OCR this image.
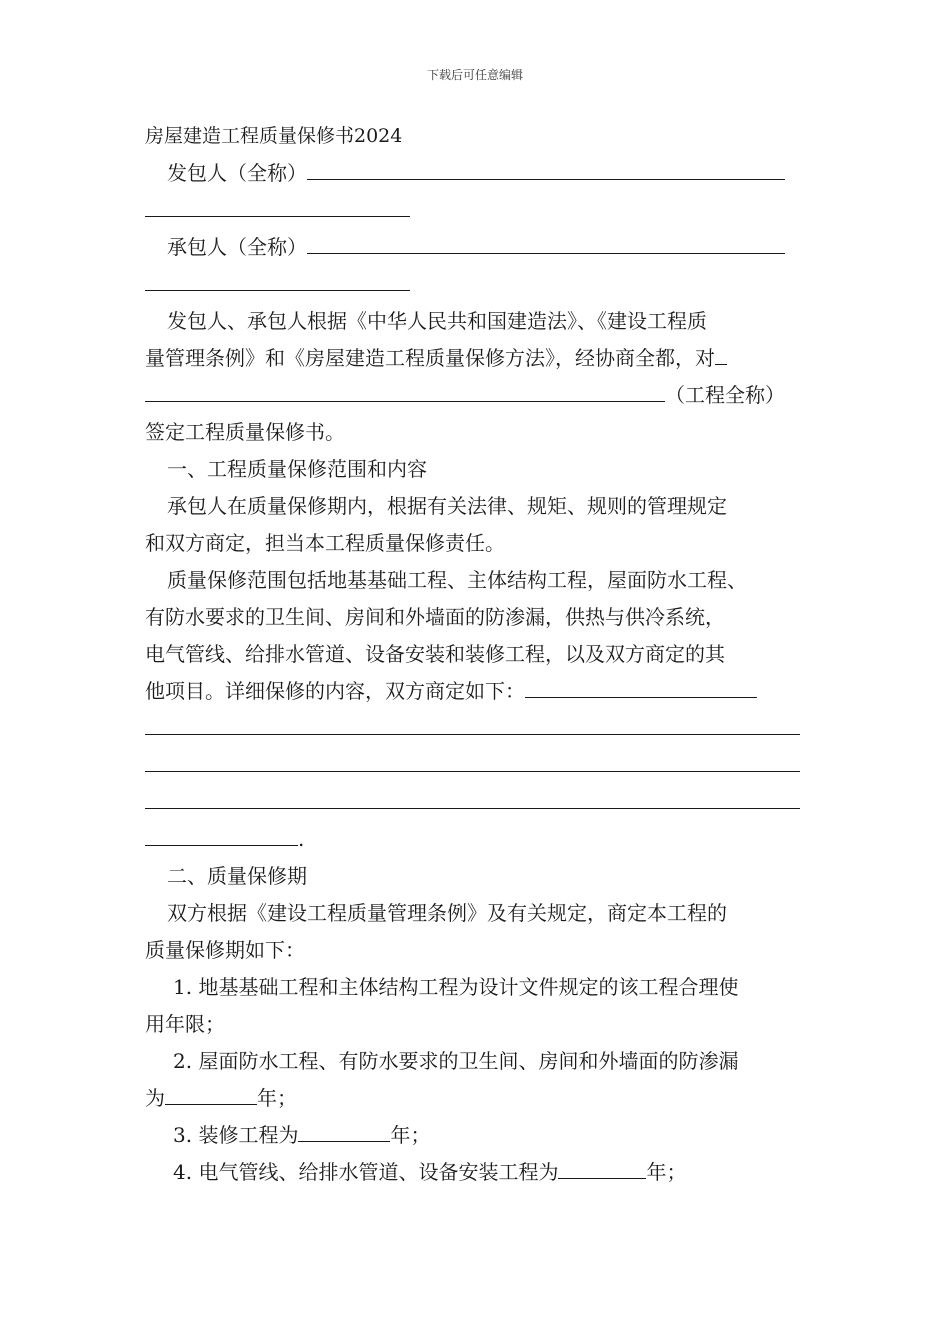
下载后可任意编辑
房屋建造工程质量保修书2024
发包人（全称）
承包人（全称）
发包人、承包人根据《中华人民共和国建造法》、《建设工程质
量管理条例》和《房屋建造工程质量保修方法》，经协商全都，对
（工程全称）
签定工程质量保修书。
一、工程质量保修范围和内容
承包人在质量保修期内，根据有关法律、规矩、规则的管理规定
和双方商定，担当本工程质量保修责任。
质量保修范围包括地基基础工程、主体结构工程，屋面防水工程、
有防水要求的卫生间、房间和外墙面的防渗漏，供热与供冷系统，
电气管线、给排水管道、设备安装和装修工程，以及双方商定的其
他项目。详细保修的内容，双方商定如下：
.
二、质量保修期
双方根据《建设工程质量管理条例》及有关规定，商定本工程的
质量保修期如下：
1. 地基基础工程和主体结构工程为设计文件规定的该工程合理使
用年限；
2. 屋面防水工程、有防水要求的卫生间、房间和外墙面的防渗漏
为	年；
3. 装修工程为	年；
4. 电气管线、给排水管道、设备安装工程为	年；
